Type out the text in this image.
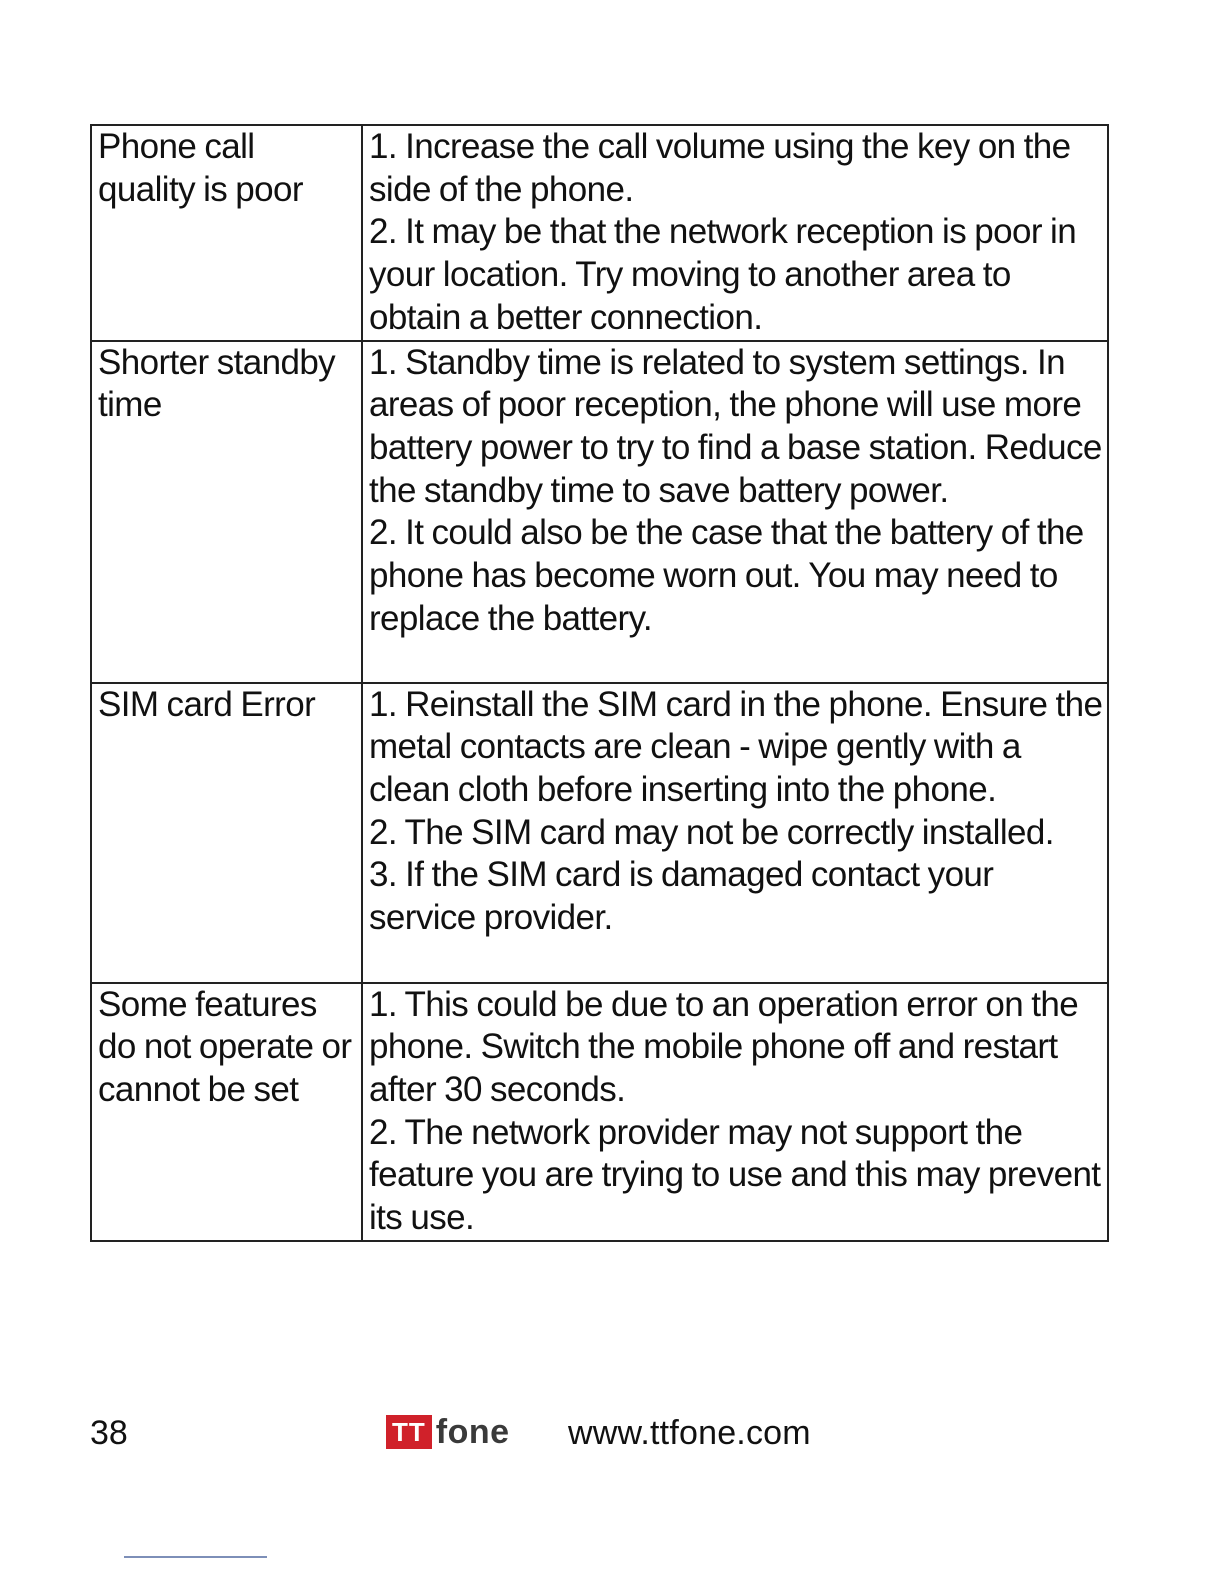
Phone call quality is poor	1. Increase the call volume using the key on the side of the phone.
2. It may be that the network reception is poor in your location. Try moving to another area to obtain a better connection.

Shorter standby time	1. Standby time is related to system settings. In areas of poor reception, the phone will use more battery power to try to find a base station. Reduce the standby time to save battery power.
2. It could also be the case that the battery of the phone has become worn out. You may need to replace the battery.

SIM card Error	1. Reinstall the SIM card in the phone. Ensure the metal contacts are clean - wipe gently with a clean cloth before inserting into the phone.
2. The SIM card may not be correctly installed.
3. If the SIM card is damaged contact your service provider.

Some features do not operate or cannot be set	1. This could be due to an operation error on the phone. Switch the mobile phone off and restart after 30 seconds.
2. The network provider may not support the feature you are trying to use and this may prevent its use.
38	TT fone www.ttfone.com
